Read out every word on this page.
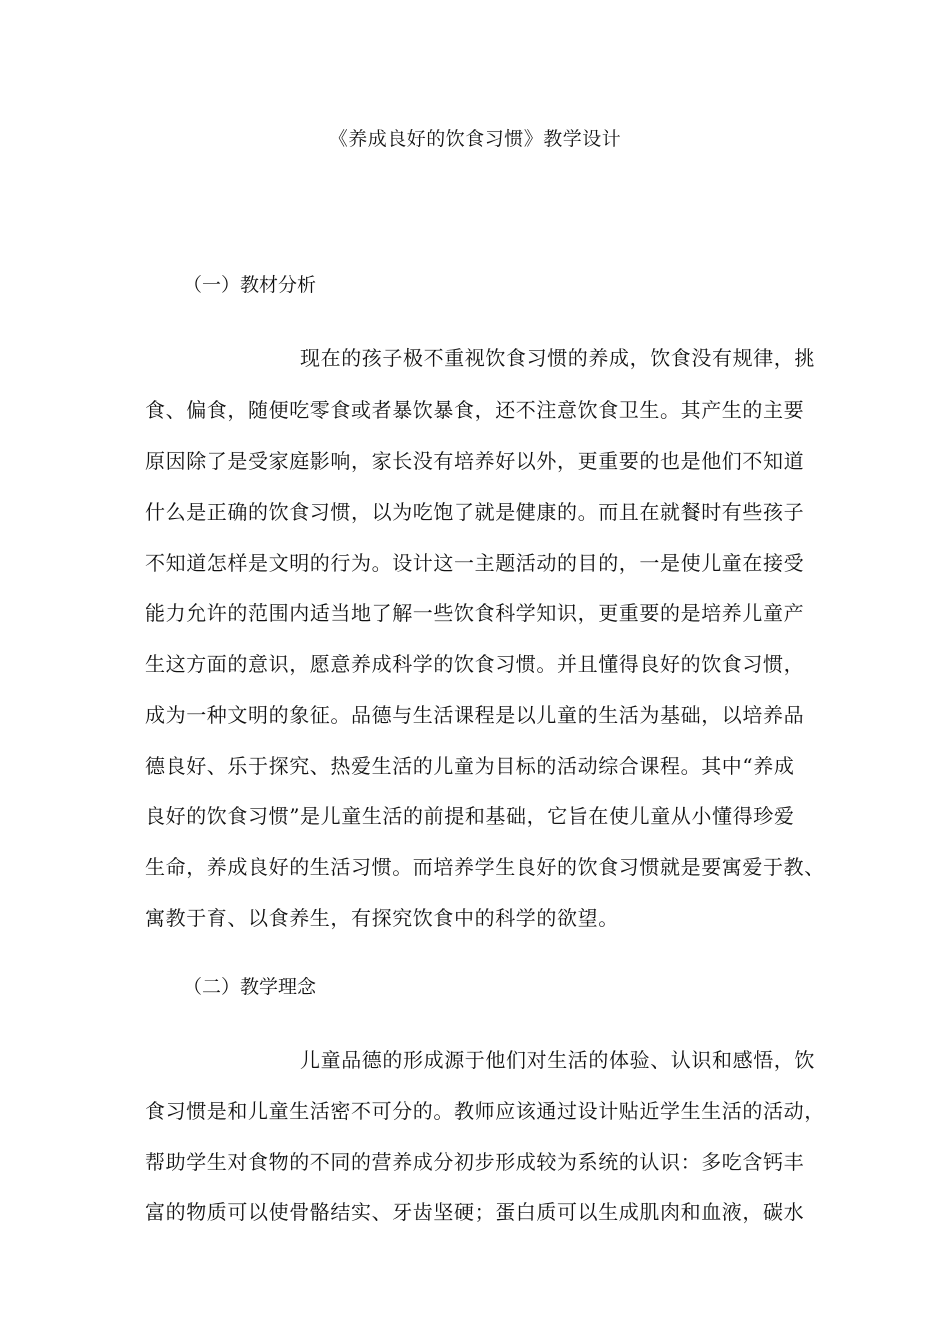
《养成良好的饮食习惯》教学设计
（一）教材分析
现在的孩子极不重视饮食习惯的养成，饮食没有规律，挑
食、偏食，随便吃零食或者暴饮暴食，还不注意饮食卫生。其产生的主要
原因除了是受家庭影响，家长没有培养好以外，更重要的也是他们不知道
什么是正确的饮食习惯，以为吃饱了就是健康的。而且在就餐时有些孩子
不知道怎样是文明的行为。设计这一主题活动的目的，一是使儿童在接受
能力允许的范围内适当地了解一些饮食科学知识，更重要的是培养儿童产
生这方面的意识，愿意养成科学的饮食习惯。并且懂得良好的饮食习惯，
成为一种文明的象征。品德与生活课程是以儿童的生活为基础，以培养品
德良好、乐于探究、热爱生活的儿童为目标的活动综合课程。其中“养成
良好的饮食习惯”是儿童生活的前提和基础，它旨在使儿童从小懂得珍爱
生命，养成良好的生活习惯。而培养学生良好的饮食习惯就是要寓爱于教、
寓教于育、以食养生，有探究饮食中的科学的欲望。
（二）教学理念
儿童品德的形成源于他们对生活的体验、认识和感悟，饮
食习惯是和儿童生活密不可分的。教师应该通过设计贴近学生生活的活动，
帮助学生对食物的不同的营养成分初步形成较为系统的认识：多吃含钙丰
富的物质可以使骨骼结实、牙齿坚硬；蛋白质可以生成肌肉和血液，碳水
